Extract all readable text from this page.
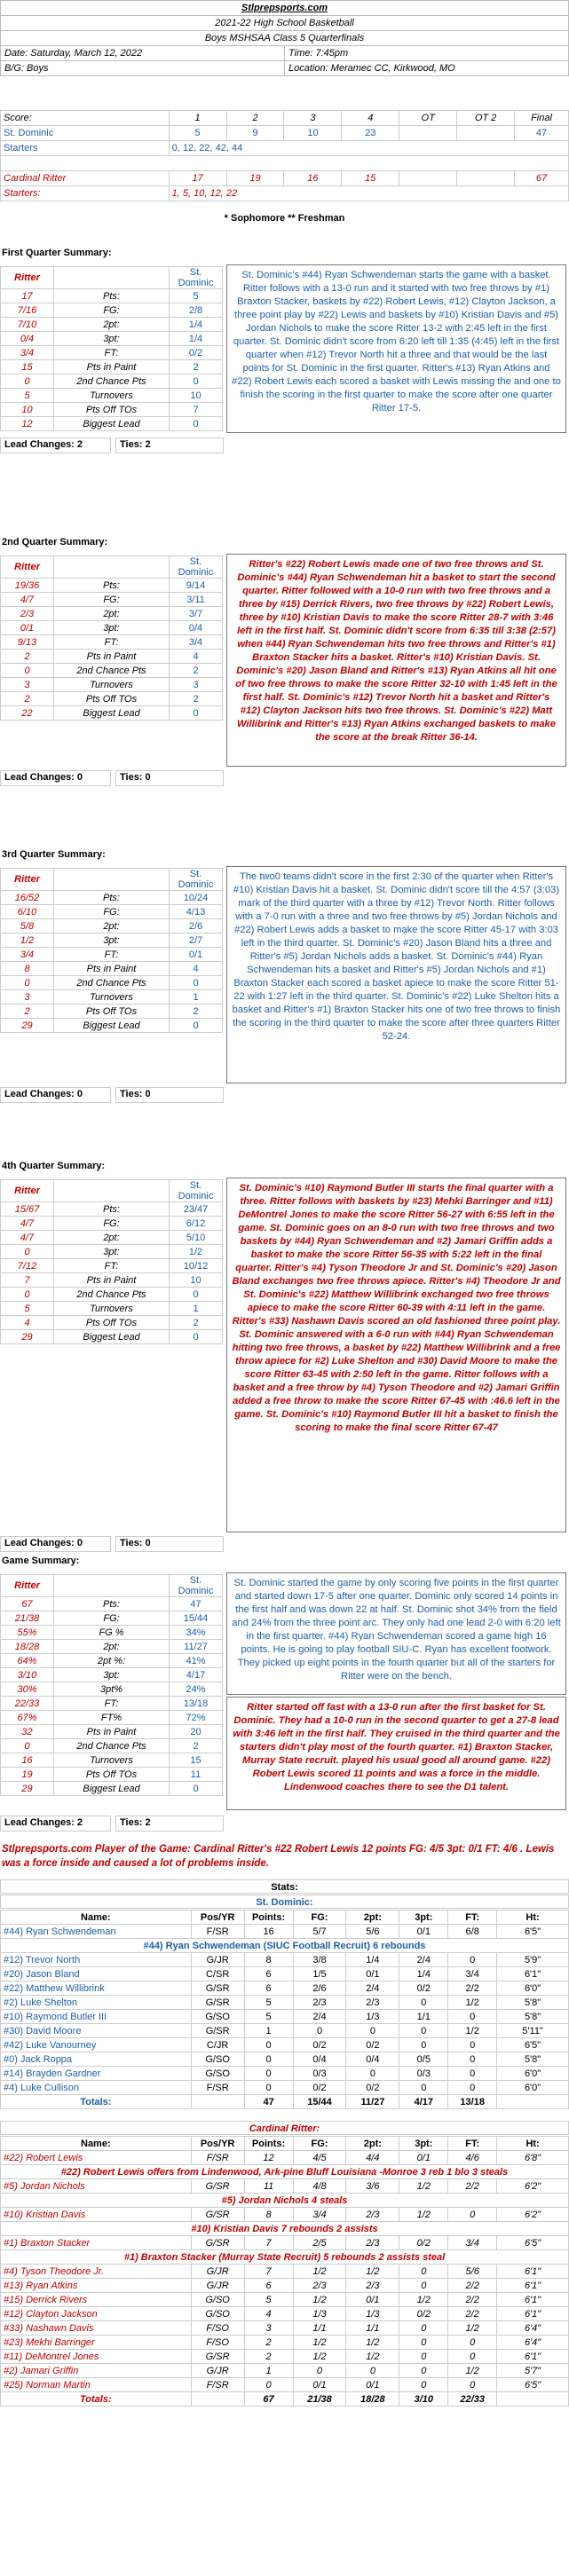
Stlprepsports.com	
2021-22 High School Basketball	
Boys MSHSAA Class 5 Quarterfinals	
Date: Saturday, March 12, 2022	Time: 7:45pm
B/G: Boys	Location: Meramec CC, Kirkwood, MO
Score:	1	2	3	4	OT	OT 2	Final
St. Dominic	5	9	10	23			47
Starters	0, 12, 22, 42, 44						

Cardinal Ritter	17	19	16	15			67
Starters:	1, 5, 10, 12, 22						
* Sophomore ** Freshman
First Quarter Summary:
Ritter		St. Dominic
17	Pts:	5
7/16	FG:	2/8
7/10	2pt:	1/4
0/4	3pt:	1/4
3/4	FT:	0/2
15	Pts in Paint	2
0	2nd Chance Pts	0
5	Turnovers	10
10	Pts Off TOs	7
12	Biggest Lead	0
St. Dominic's #44) Ryan Schwendeman starts the game with a basket. Ritter follows with a 13-0 run and it started with two free throws by #1) Braxton Stacker, baskets by #22) Robert Lewis, #12) Clayton Jackson, a three point play by #22) Lewis and baskets by #10) Kristian Davis and #5) Jordan Nichols to make the score Ritter 13-2 with 2:45 left in the first quarter. St. Dominic didn't score from 6:20 left till 1:35 (4:45) left in the first quarter when #12) Trevor North hit a three and that would be the last points for St. Dominic in the first quarter. Ritter's #13) Ryan Atkins and #22) Robert Lewis each scored a basket with Lewis missing the and one to finish the scoring in the first quarter to make the score after one quarter Ritter 17-5.
Lead Changes: 2	Ties: 2
2nd Quarter Summary:
Ritter		St. Dominic
19/36	Pts:	9/14
4/7	FG:	3/11
2/3	2pt:	3/7
0/1	3pt:	0/4
9/13	FT:	3/4
2	Pts in Paint	4
0	2nd Chance Pts	2
3	Turnovers	3
2	Pts Off TOs	2
22	Biggest Lead	0
Ritter's #22) Robert Lewis made one of two free throws and St. Dominic's #44) Ryan Schwendeman hit a basket to start the second quarter. Ritter followed with a 10-0 run with two free throws and a three by #15) Derrick Rivers, two free throws by #22) Robert Lewis, three by #10) Kristian Davis to make the score Ritter 28-7 with 3:46 left in the first half. St. Dominic didn't score from 6:35 till 3:38 (2:57) when #44) Ryan Schwendeman hits two free throws and Ritter's #1) Braxton Stacker hits a basket. Ritter's #10) Kristian Davis. St. Dominic's #20) Jason Bland and Ritter's #13) Ryan Atkins all hit one of two free throws to make the score Ritter 32-10 with 1:45 left in the first half. St. Dominic's #12) Trevor North hit a basket and Ritter's #12) Clayton Jackson hits two free throws. St. Dominic's #22) Matt Willibrink and Ritter's #13) Ryan Atkins exchanged baskets to make the score at the break Ritter 36-14.
Lead Changes: 0	Ties: 0
3rd Quarter Summary:
Ritter		St. Dominic
16/52	Pts:	10/24
6/10	FG:	4/13
5/8	2pt:	2/6
1/2	3pt:	2/7
3/4	FT:	0/1
8	Pts in Paint	4
0	2nd Chance Pts	0
3	Turnovers	1
2	Pts Off TOs	2
29	Biggest Lead	0
The two0 teams didn't score in the first 2:30 of the quarter when Ritter's #10) Kristian Davis hit a basket. St. Dominic didn't score till the 4:57 (3:03) mark of the third quarter with a three by #12) Trevor North. Ritter follows with a 7-0 run with a three and two free throws by #5) Jordan Nichols and #22) Robert Lewis adds a basket to make the score Ritter 45-17 with 3:03 left in the third quarter. St. Dominic's #20) Jason Bland hits a three and Ritter's #5) Jordan Nichols adds a basket. St. Dominic's #44) Ryan Schwendeman hits a basket and Ritter's #5) Jordan Nichols and #1) Braxton Stacker each scored a basket apiece to make the score Ritter 51-22 with 1:27 left in the third quarter. St. Dominic's #22) Luke Shelton hits a basket and Ritter's #1) Braxton Stacker hits one of two free throws to finish the scoring in the third quarter to make the score after three quarters Ritter 52-24.
Lead Changes: 0	Ties: 0
4th Quarter Summary:
Ritter		St. Dominic
15/67	Pts:	23/47
4/7	FG:	6/12
4/7	2pt:	5/10
0	3pt:	1/2
7/12	FT:	10/12
7	Pts in Paint	10
0	2nd Chance Pts	0
5	Turnovers	1
4	Pts Off TOs	2
29	Biggest Lead	0
St. Dominic's #10) Raymond Butler III starts the final quarter with a three. Ritter follows with baskets by #23) Mehki Barringer and #11) DeMontrel Jones to make the score Ritter 56-27 with 6:55 left in the game. St. Dominic goes on an 8-0 run with two free throws and two baskets by #44) Ryan Schwendeman and #2) Jamari Griffin adds a basket to make the score Ritter 56-35 with 5:22 left in the final quarter. Ritter's #4) Tyson Theodore Jr and St. Dominic's #20) Jason Bland exchanges two free throws apiece. Ritter's #4) Theodore Jr and St. Dominic's #22) Matthew Willibrink exchanged two free throws apiece to make the score Ritter 60-39 with 4:11 left in the game. Ritter's #33) Nashawn Davis scored an old fashioned three point play. St. Dominic answered with a 6-0 run with #44) Ryan Schwendeman hitting two free throws, a basket by #22) Matthew Willibrink and a free throw apiece for #2) Luke Shelton and #30) David Moore to make the score Ritter 63-45 with 2:50 left in the game. Ritter follows with a basket and a free throw by #4) Tyson Theodore and #2) Jamari Griffin added a free throw to make the score Ritter 67-45 with :46.6 left in the game. St. Dominic's #10) Raymond Butler III hit a basket to finish the scoring to make the final score Ritter 67-47
Lead Changes: 0	Ties: 0
Game Summary:
Ritter		St. Dominic
67	Pts:	47
21/38	FG:	15/44
55%	FG %	34%
18/28	2pt:	11/27
64%	2pt %:	41%
3/10	3pt:	4/17
30%	3pt%	24%
22/33	FT:	13/18
67%	FT%	72%
32	Pts in Paint	20
0	2nd Chance Pts	2
16	Turnovers	15
19	Pts Off TOs	11
29	Biggest Lead	0
St. Dominic started the game by only scoring five points in the first quarter and started down 17-5 after one quarter. Dominic only scored 14 points in the first half and was down 22 at half. St. Dominic shot 34% from the field and 24% from the three point arc. They only had one lead 2-0 with 6:20 left in the first quarter. #44) Ryan Schwendeman scored a game high 16 points. He is going to play football SIU-C. Ryan has excellent footwork. They picked up eight points in the fourth quarter but all of the starters for Ritter were on the bench.
Ritter started off fast with a 13-0 run after the first basket for St. Dominic. They had a 10-0 run in the second quarter to get a 27-8 lead with 3:46 left in the first half. They cruised in the third quarter and the starters didn't play most of the fourth quarter. #1) Braxton Stacker, Murray State recruit. played his usual good all around game. #22) Robert Lewis scored 11 points and was a force in the middle. Lindenwood coaches there to see the D1 talent.
Lead Changes: 2	Ties: 2
Stlprepsports.com Player of the Game: Cardinal Ritter's #22 Robert Lewis 12 points FG: 4/5 3pt: 0/1 FT: 4/6 . Lewis was a force inside and caused a lot of problems inside.
Stats:
St. Dominic:
Name:	Pos/YR	Points:	FG:	2pt:	3pt:	FT:	Ht:
#44) Ryan Schwendeman	F/SR	16	5/7	5/6	0/1	6/8	6'5"
#44) Ryan Schwendeman (SIUC Football Recruit) 6 rebounds							
#12) Trevor North	G/JR	8	3/8	1/4	2/4	0	5'9"
#20) Jason Bland	C/SR	6	1/5	0/1	1/4	3/4	6'1"
#22) Matthew Willibrink	G/SR	6	2/6	2/4	0/2	2/2	6'0"
#2) Luke Shelton	G/SR	5	2/3	2/3	0	1/2	5'8"
#10) Raymond Butler III	G/SO	5	2/4	1/3	1/1	0	5'8"
#30) David Moore	G/SR	1	0	0	0	1/2	5'11"
#42) Luke Vanourney	C/JR	0	0/2	0/2	0	0	6'5"
#0) Jack Roppa	G/SO	0	0/4	0/4	0/5	0	5'8"
#14) Brayden Gardner	G/SO	0	0/3	0	0/3	0	6'0"
#4) Luke Cullison	F/SR	0	0/2	0/2	0	0	6'0"
Totals:		47	15/44	11/27	4/17	13/18	
Cardinal Ritter:
Name:	Pos/YR	Points:	FG:	2pt:	3pt:	FT:	Ht:
#22) Robert Lewis	F/SR	12	4/5	4/4	0/1	4/6	6'8"
#22) Robert Lewis offers from Lindenwood, Ark-pine Bluff Louisiana -Monroe 3 reb 1 blo 3 steals							
#5) Jordan Nichols	G/SR	11	4/8	3/6	1/2	2/2	6'2"
#5) Jordan Nichols 4 steals							
#10) Kristian Davis	G/SR	8	3/4	2/3	1/2	0	6'2"
#10) Kristian Davis 7 rebounds 2 assists							
#1) Braxton Stacker	G/SR	7	2/5	2/3	0/2	3/4	6'5"
#1) Braxton Stacker (Murray State Recruit) 5 rebounds 2 assists steal							
#4) Tyson Theodore Jr.	G/JR	7	1/2	1/2	0	5/6	6'1"
#13) Ryan Atkins	G/JR	6	2/3	2/3	0	2/2	6'1"
#15) Derrick Rivers	G/SO	5	1/2	0/1	1/2	2/2	6'1"
#12) Clayton Jackson	G/SO	4	1/3	1/3	0/2	2/2	6'1"
#33) Nashawn Davis	F/SO	3	1/1	1/1	0	1/2	6'4"
#23) Mekhi Barringer	F/SO	2	1/2	1/2	0	0	6'4"
#11) DeMontrel Jones	G/SR	2	1/2	1/2	0	0	6'1"
#2) Jamari Griffin	G/JR	1	0	0	0	1/2	5'7"
#25) Norman Martin	F/SR	0	0/1	0/1	0	0	6'5"
Totals:		67	21/38	18/28	3/10	22/33	
